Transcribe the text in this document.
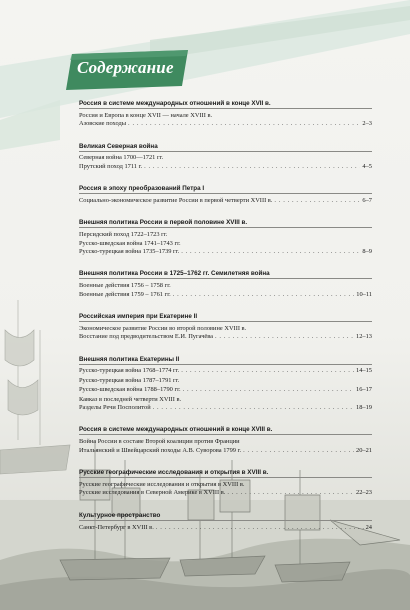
Содержание
Россия в системе международных отношений в конце XVII в.
Россия и Европа в конце XVII — начале XVIII в.
Азовские походы . . .	2–3
Великая Северная война
Северная война 1700—1721 гг.
Прутский поход 1711 г. . . .	4–5
Россия в эпоху преобразований Петра I
Социально-экономическое развитие России в первой четверти XVIII в. . . .	6–7
Внешняя политика России в первой половине XVIII в.
Персидский поход 1722–1723 гг.
Русско-шведская война 1741–1743 гг.
Русско-турецкая война 1735–1739 гг. . . .	8–9
Внешняя политика России в 1725–1762 гг. Семилетняя война
Военные действия 1756 – 1758 гг.
Военные действия 1759 – 1761 гг. . . .	10–11
Российская империя при Екатерине II
Экономическое развитие России во второй половине XVIII в.
Восстание под предводительством Е.И. Пугачёва . . .	12–13
Внешняя политика Екатерины II
Русско-турецкая война 1768–1774 гг. . . .	14–15
Русско-турецкая война 1787–1791 гг.
Русско-шведская война 1788–1790 гг. . . .	16–17
Кавказ в последней четверти XVIII в.
Разделы Речи Посполитой . . .	18–19
Россия в системе международных отношений в конце XVIII в.
Война России в составе Второй коалиции против Франции
Итальянский и Швейцарский походы А.В. Суворова 1799 г. . . .	20–21
Русские географические исследования и открытия в XVIII в.
Русские географические исследования и открытия в XVIII в.
Русские исследования в Северной Америке в XVIII в. . . .	22–23
Культурное пространство
Санкт-Петербург в XVIII в. . . .	24
